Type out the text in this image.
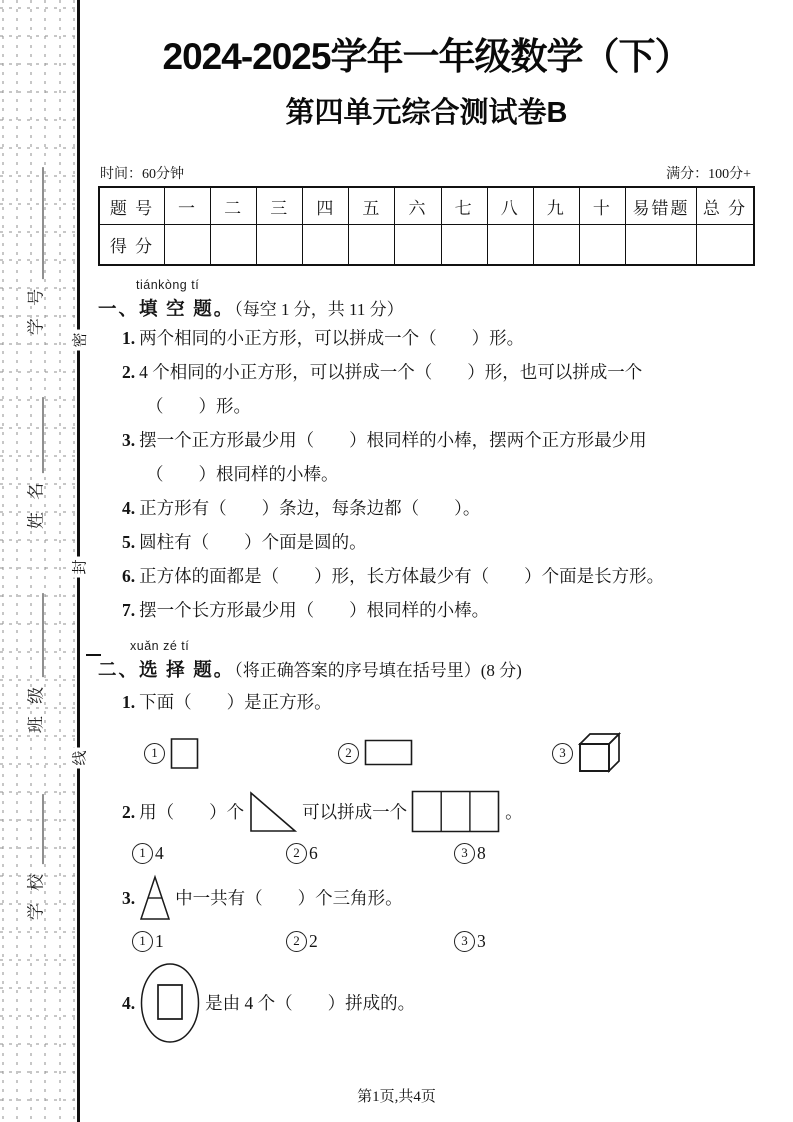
学 号
姓 名
班 级
学 校
密
封
线
2024-2025学年一年级数学（下）
第四单元综合测试卷B
时间：60分钟	满分：100分+
题 号	一	二	三	四	五	六	七	八	九	十	易错题	总 分
得 分												
tiánkòng tí
一、填 空 题。（每空 1 分，共 11 分）
1. 两个相同的小正方形，可以拼成一个（　　）形。
2. 4 个相同的小正方形，可以拼成一个（　　）形，也可以拼成一个
（　　）形。
3. 摆一个正方形最少用（　　）根同样的小棒，摆两个正方形最少用
（　　）根同样的小棒。
4. 正方形有（　　）条边，每条边都（　　）。
5. 圆柱有（　　）个面是圆的。
6. 正方体的面都是（　　）形，长方体最少有（　　）个面是长方形。
7. 摆一个长方形最少用（　　）根同样的小棒。
xuǎn zé tí
二、选 择 题。（将正确答案的序号填在括号里）(8 分)
1. 下面（　　）是正方形。
1	2	3
2. 用（　　）个	可以拼成一个	。
1 4	2 6	3 8
3. 中一共有（　　）个三角形。
1 1	2 2	3 3
4.	是由 4 个（　　）拼成的。
第1页,共4页
